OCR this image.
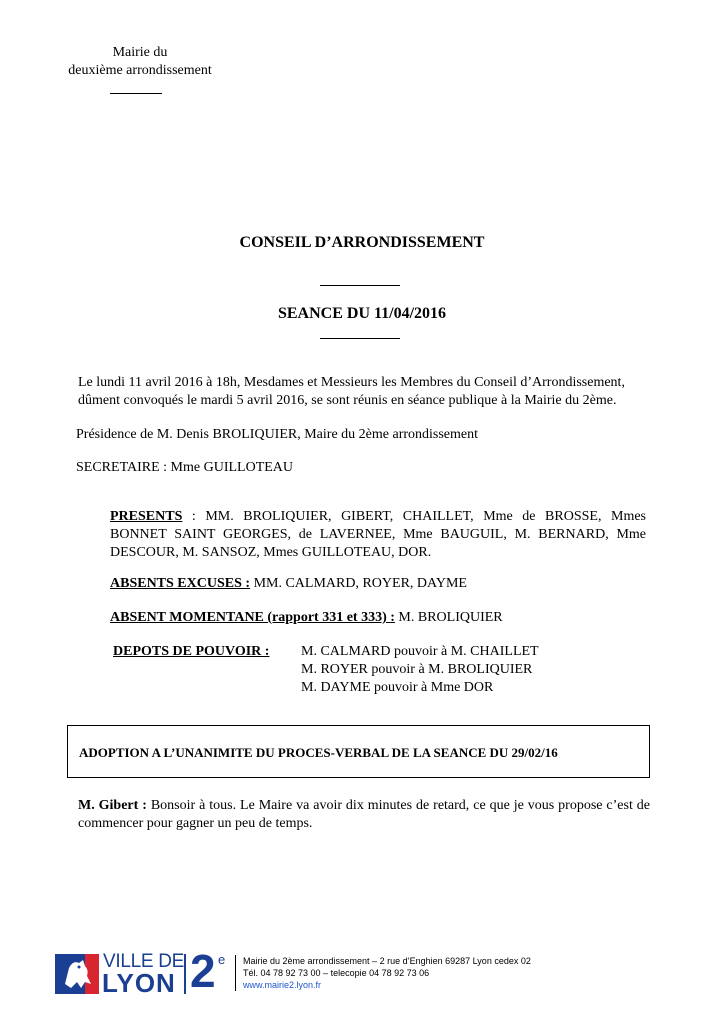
Mairie du
deuxième arrondissement
CONSEIL D’ARRONDISSEMENT
SEANCE DU 11/04/2016
Le lundi 11 avril 2016 à 18h, Mesdames et Messieurs les Membres du Conseil d’Arrondissement, dûment convoqués le mardi 5 avril 2016, se sont réunis en séance publique à la Mairie du 2ème.
Présidence de M. Denis BROLIQUIER, Maire du 2ème arrondissement
SECRETAIRE : Mme GUILLOTEAU
PRESENTS : MM. BROLIQUIER, GIBERT, CHAILLET, Mme de BROSSE, Mmes BONNET SAINT GEORGES, de LAVERNEE, Mme BAUGUIL, M. BERNARD, Mme DESCOUR, M. SANSOZ, Mmes GUILLOTEAU, DOR.
ABSENTS EXCUSES : MM. CALMARD, ROYER, DAYME
ABSENT MOMENTANE (rapport 331 et 333) : M. BROLIQUIER
DEPOTS DE POUVOIR :	M. CALMARD pouvoir à M. CHAILLET
M. ROYER pouvoir à M. BROLIQUIER
M. DAYME pouvoir à Mme DOR
ADOPTION A L’UNANIMITE DU PROCES-VERBAL DE LA SEANCE DU 29/02/16
M. Gibert : Bonsoir à tous. Le Maire va avoir dix minutes de retard, ce que je vous propose c’est de commencer pour gagner un peu de temps.
VILLE DE
LYON 2 e Mairie du 2ème arrondissement – 2 rue d’Enghien 69287 Lyon cedex 02
Tél. 04 78 92 73 00 – telecopie 04 78 92 73 06
www.mairie2.lyon.fr
